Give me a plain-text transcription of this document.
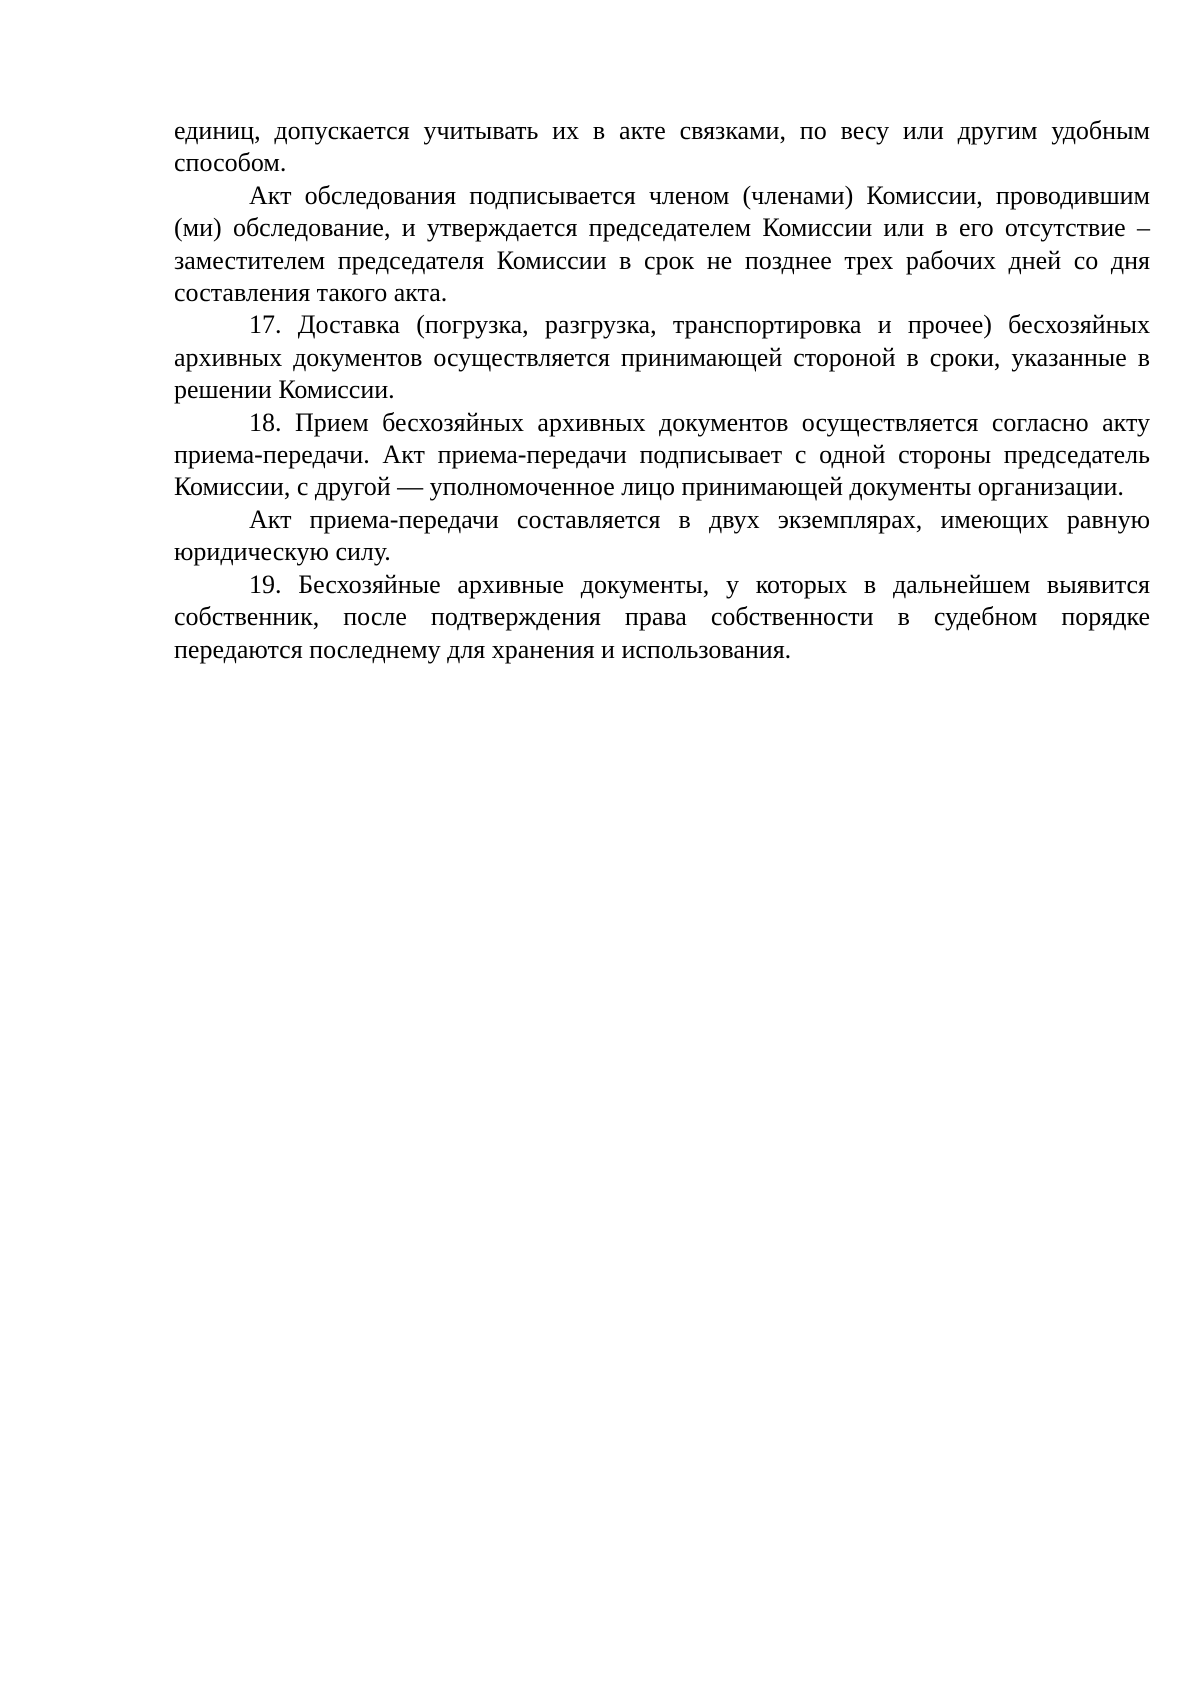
единиц, допускается учитывать их в акте связками, по весу или другим удобным способом.

Акт обследования подписывается членом (членами) Комиссии, проводившим (ми) обследование, и утверждается председателем Комиссии или в его отсутствие – заместителем председателя Комиссии в срок не позднее трех рабочих дней со дня составления такого акта.

17. Доставка (погрузка, разгрузка, транспортировка и прочее) бесхозяйных архивных документов осуществляется принимающей стороной в сроки, указанные в решении Комиссии.

18. Прием бесхозяйных архивных документов осуществляется согласно акту приема-передачи. Акт приема-передачи подписывает с одной стороны председатель Комиссии, с другой — уполномоченное лицо принимающей документы организации.

Акт приема-передачи составляется в двух экземплярах, имеющих равную юридическую силу.

19. Бесхозяйные архивные документы, у которых в дальнейшем выявится собственник, после подтверждения права собственности в судебном порядке передаются последнему для хранения и использования.
